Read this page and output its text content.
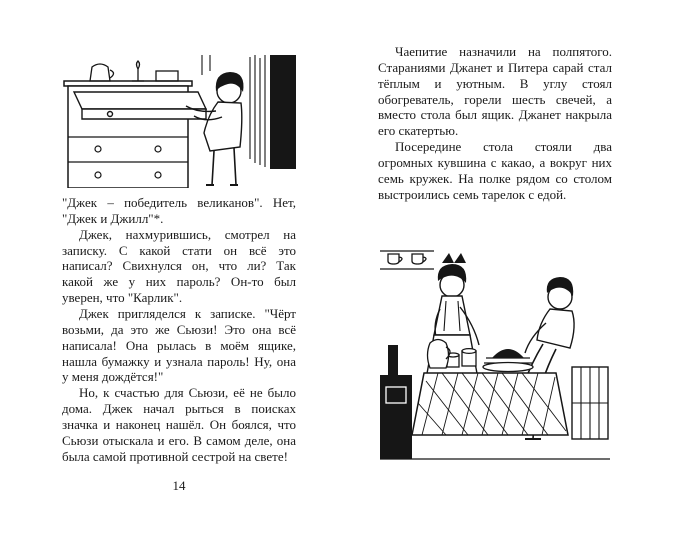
"Джек – победитель великанов". Нет, "Джек и Джилл"*.

Джек, нахмурившись, смотрел на записку. С какой стати он всё это написал? Свихнулся он, что ли? Так какой же у них пароль? Он-то был уверен, что "Карлик".

Джек пригляделся к записке. "Чёрт возьми, да это же Сьюзи! Это она всё написала! Она рылась в моём ящике, нашла бумажку и узнала пароль! Ну, она у меня дождётся!"

Но, к счастью для Сьюзи, её не было дома. Джек начал рыться в поисках значка и наконец нашёл. Он боялся, что Сьюзи отыскала и его. В самом деле, она была самой противной сестрой на свете!

Чаепитие назначили на полпятого. Стараниями Джанет и Питера сарай стал тёплым и уютным. В углу стоял обогреватель, горели шесть свечей, а вместо стола был ящик. Джанет накрыла его скатертью.

Посередине стола стояли два огромных кувшина с какао, а вокруг них семь кружек. На полке рядом со столом выстроились семь тарелок с едой.

14
